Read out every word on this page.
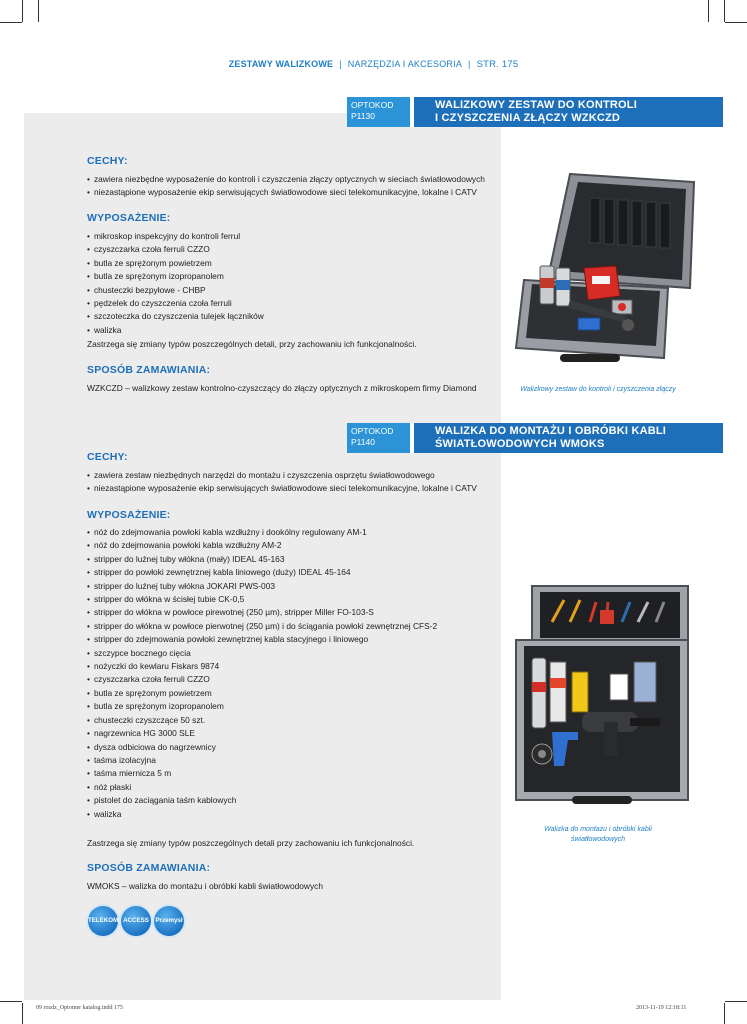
ZESTAWY WALIZKOWE | NARZĘDZIA I AKCESORIA | STR. 175
OPTOKOD
P1130
WALIZKOWY ZESTAW DO KONTROLI
I CZYSZCZENIA ZŁĄCZY WZKCZD
CECHY:
• zawiera niezbędne wyposażenie do kontroli i czyszczenia złączy optycznych w sieciach światłowodowych
• niezastąpione wyposażenie ekip serwisujących światłowodowe sieci telekomunikacyjne, lokalne i CATV
WYPOSAŻENIE:
• mikroskop inspekcyjny do kontroli ferrul
• czyszczarka czoła ferruli CZZO
• butla ze sprężonym powietrzem
• butla ze sprężonym izopropanolem
• chusteczki bezpyłowe - CHBP
• pędzelek do czyszczenia czoła ferruli
• szczoteczka do czyszczenia tulejek łączników
• walizka
Zastrzega się zmiany typów poszczególnych detali, przy zachowaniu ich funkcjonalności.
SPOSÓB ZAMAWIANIA:
WZKCZD – walizkowy zestaw kontrolno-czyszczący do złączy optycznych z mikroskopem firmy Diamond	Walizkowy zestaw do kontroli i czyszczenia złączy
OPTOKOD
P1140
WALIZKA DO MONTAŻU I OBRÓBKI KABLI
ŚWIATŁOWODOWYCH WMOKS
CECHY:
• zawiera zestaw niezbędnych narzędzi do montażu i czyszczenia osprzętu światłowodowego
• niezastąpione wyposażenie ekip serwisujących światłowodowe sieci telekomunikacyjne, lokalne i CATV
WYPOSAŻENIE:
• nóż do zdejmowania powłoki kabla wzdłużny i dookólny regulowany AM-1
• nóż do zdejmowania powłoki kabla wzdłużny AM-2
• stripper do luźnej tuby włókna (mały) IDEAL 45-163
• stripper do powłoki zewnętrznej kabla liniowego (duży) IDEAL 45-164
• stripper do luźnej tuby włókna JOKARI PWS-003
• stripper do włókna w ścisłej tubie CK-0,5
• stripper do włókna w powłoce pirewotnej (250 µm), stripper Miller FO-103-S
• stripper do włókna w powłoce pierwotnej (250 µm) i do ściągania powłoki zewnętrznej CFS-2
• stripper do zdejmowania powłoki zewnętrznej kabla stacyjnego i liniowego
• szczypce bocznego cięcia
• nożyczki do kewlaru Fiskars 9874
• czyszczarka czoła ferruli CZZO
• butla ze sprężonym powietrzem
• butla ze sprężonym izopropanolem
• chusteczki czyszczące 50 szt.
• nagrzewnica HG 3000 SLE
• dysza odbiciowa do nagrzewnicy
• taśma izolacyjna
• taśma miernicza 5 m
• nóż płaski
• pistolet do zaciągania taśm kablowych
• walizka
Zastrzega się zmiany typów poszczególnych detali przy zachowaniu ich funkcjonalności.
SPOSÓB ZAMAWIANIA:
WMOKS – walizka do montażu i obróbki kabli światłowodowych
Walizka do montażu i obróbki kabli
światłowodowych
TELEKOM ACCESS	Przemysł
09 rozdz_Optomer katalog.indd 175	2013-11-19 12:18:11
